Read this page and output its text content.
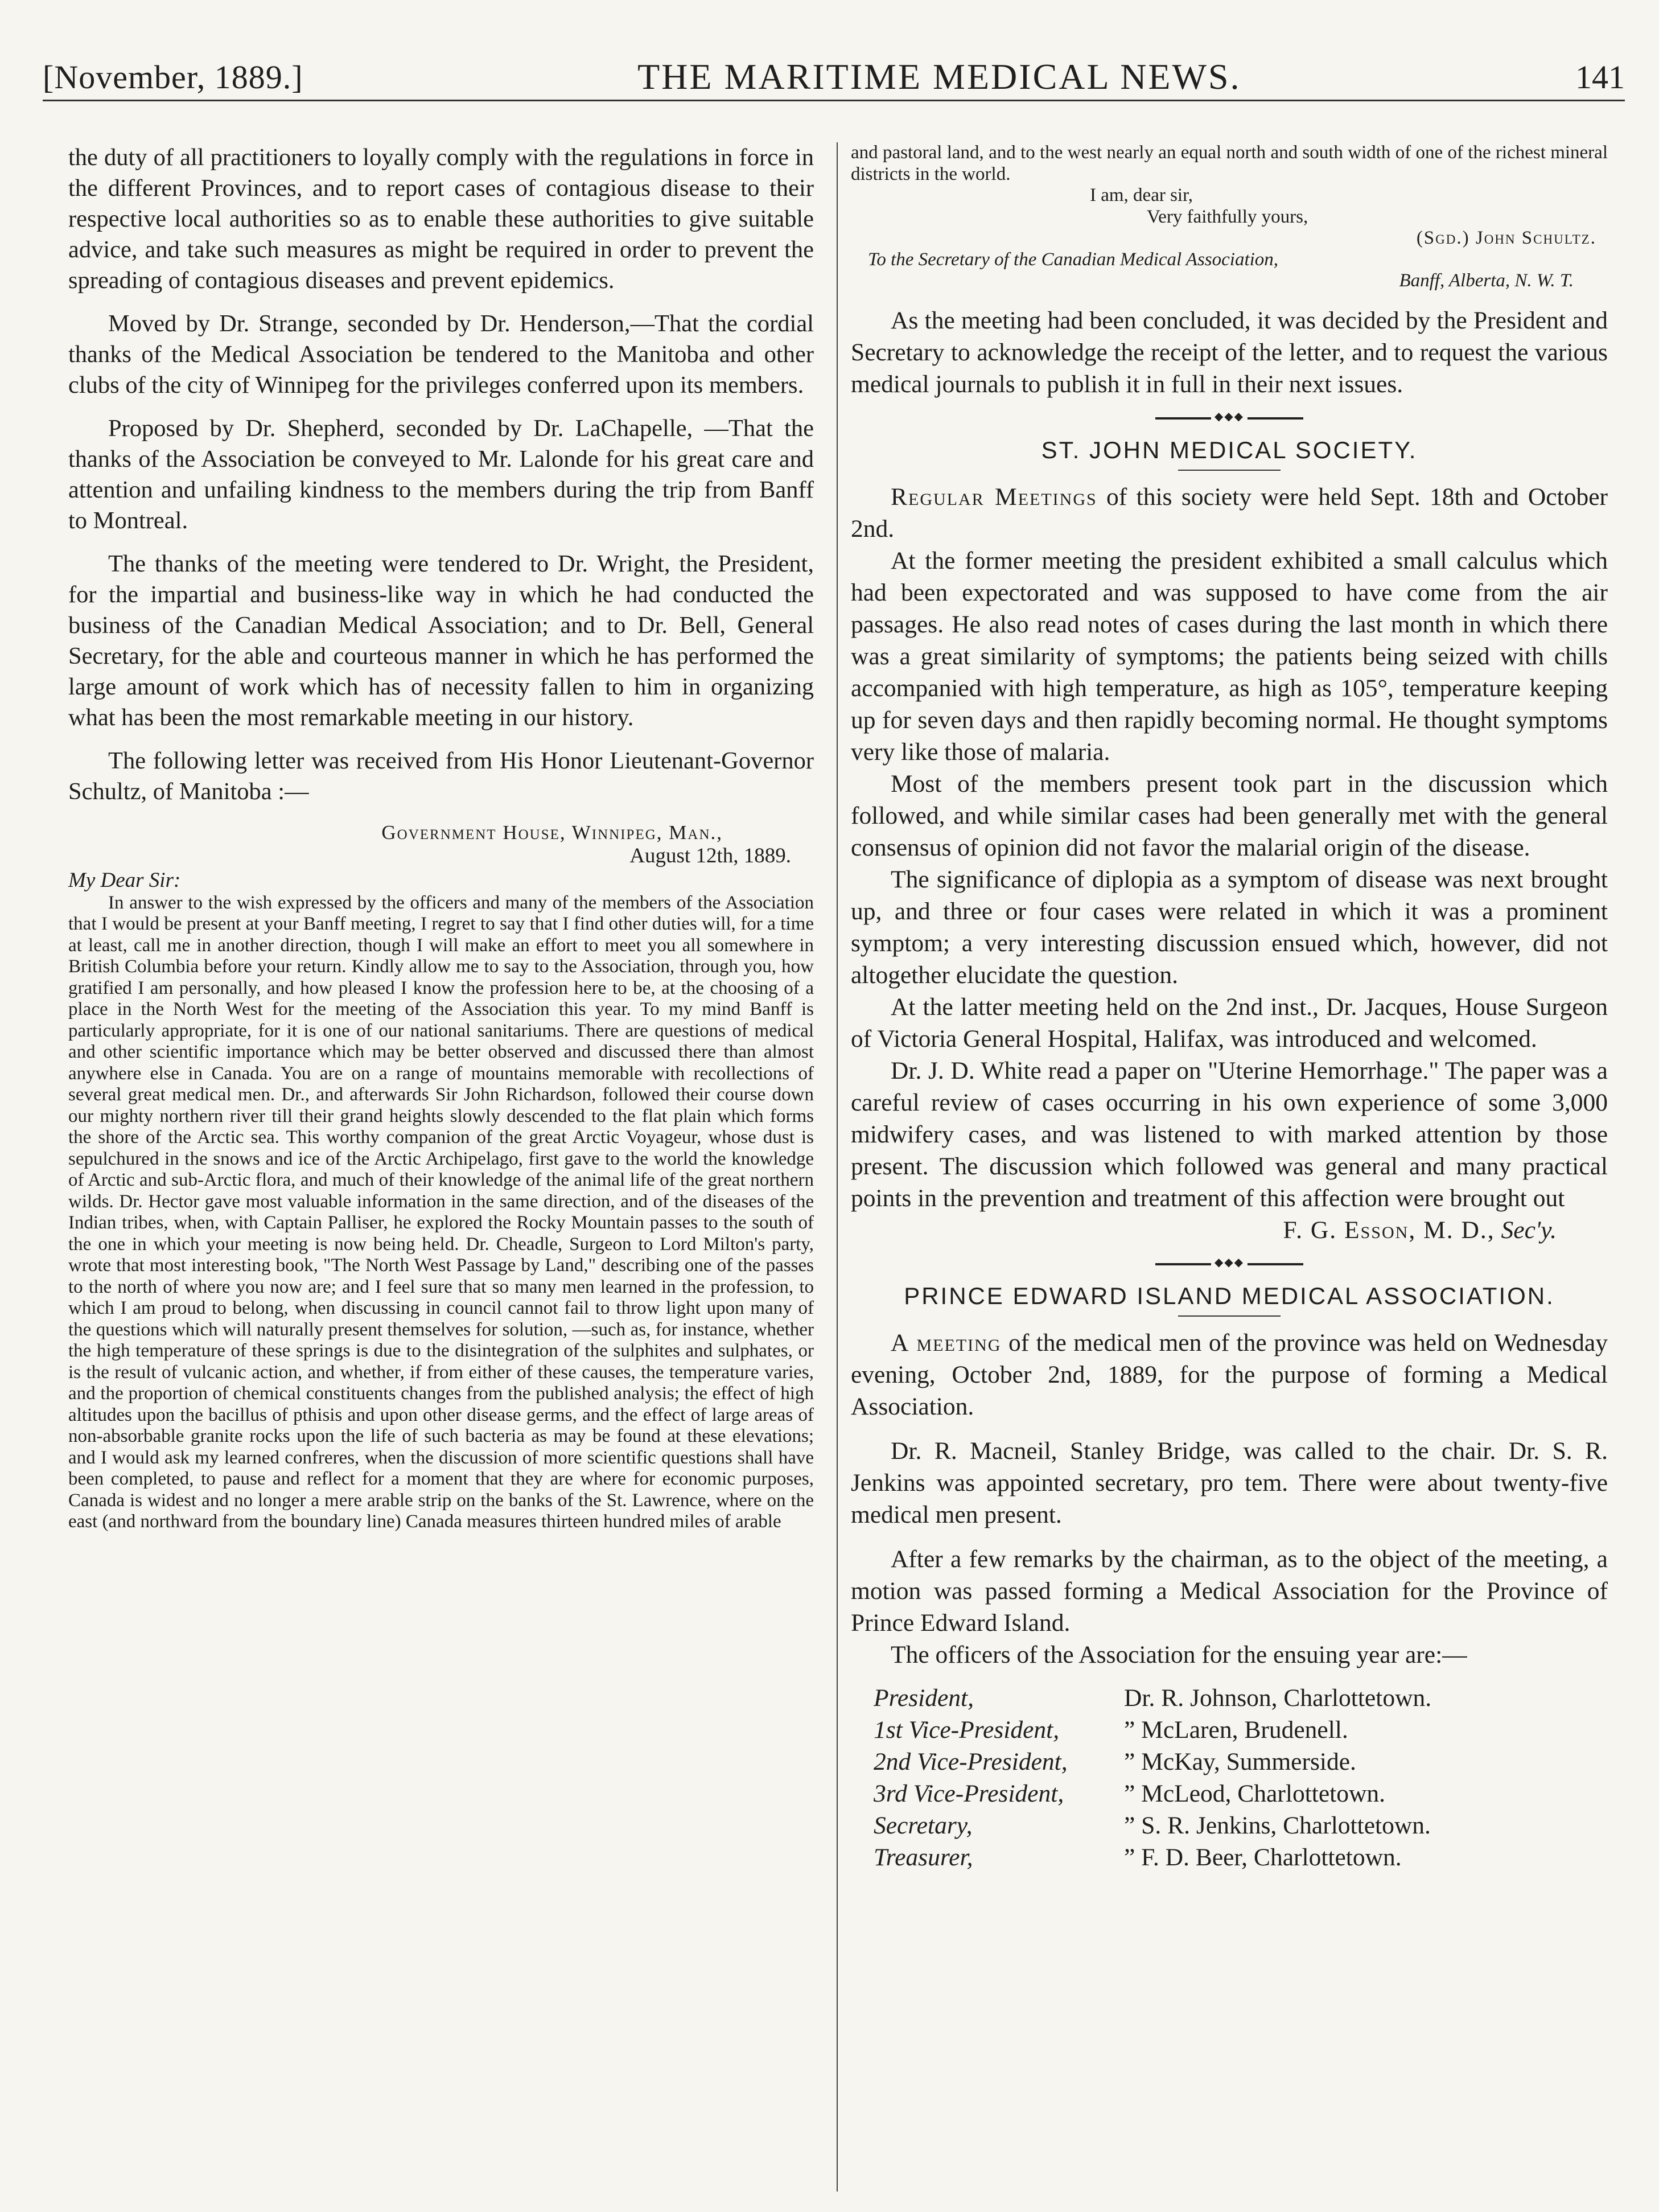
[November, 1889.]	THE MARITIME MEDICAL NEWS.	141

the duty of all practitioners to loyally comply with the regulations in force in the different Provinces, and to report cases of contagious disease to their respective local authorities so as to enable these authorities to give suitable advice, and take such measures as might be required in order to prevent the spreading of contagious diseases and prevent epidemics.

Moved by Dr. Strange, seconded by Dr. Henderson,—That the cordial thanks of the Medical Association be tendered to the Manitoba and other clubs of the city of Winnipeg for the privileges conferred upon its members.

Proposed by Dr. Shepherd, seconded by Dr. LaChapelle, —That the thanks of the Association be conveyed to Mr. Lalonde for his great care and attention and unfailing kindness to the members during the trip from Banff to Montreal.

The thanks of the meeting were tendered to Dr. Wright, the President, for the impartial and business-like way in which he had conducted the business of the Canadian Medical Association; and to Dr. Bell, General Secretary, for the able and courteous manner in which he has performed the large amount of work which has of necessity fallen to him in organizing what has been the most remarkable meeting in our history.

The following letter was received from His Honor Lieutenant-Governor Schultz, of Manitoba :—

Government House, Winnipeg, Man.,

August 12th, 1889.

My Dear Sir:

In answer to the wish expressed by the officers and many of the members of the Association that I would be present at your Banff meeting, I regret to say that I find other duties will, for a time at least, call me in another direction, though I will make an effort to meet you all somewhere in British Columbia before your return. Kindly allow me to say to the Association, through you, how gratified I am personally, and how pleased I know the profession here to be, at the choosing of a place in the North West for the meeting of the Association this year. To my mind Banff is particularly appropriate, for it is one of our national sanitariums. There are questions of medical and other scientific importance which may be better observed and discussed there than almost anywhere else in Canada. You are on a range of mountains memorable with recollections of several great medical men. Dr., and afterwards Sir John Richardson, followed their course down our mighty northern river till their grand heights slowly descended to the flat plain which forms the shore of the Arctic sea. This worthy companion of the great Arctic Voyageur, whose dust is sepulchured in the snows and ice of the Arctic Archipelago, first gave to the world the knowledge of Arctic and sub-Arctic flora, and much of their knowledge of the animal life of the great northern wilds. Dr. Hector gave most valuable information in the same direction, and of the diseases of the Indian tribes, when, with Captain Palliser, he explored the Rocky Mountain passes to the south of the one in which your meeting is now being held. Dr. Cheadle, Surgeon to Lord Milton's party, wrote that most interesting book, "The North West Passage by Land," describing one of the passes to the north of where you now are; and I feel sure that so many men learned in the profession, to which I am proud to belong, when discussing in council cannot fail to throw light upon many of the questions which will naturally present themselves for solution, —such as, for instance, whether the high temperature of these springs is due to the disintegration of the sulphites and sulphates, or is the result of vulcanic action, and whether, if from either of these causes, the temperature varies, and the proportion of chemical constituents changes from the published analysis; the effect of high altitudes upon the bacillus of pthisis and upon other disease germs, and the effect of large areas of non-absorbable granite rocks upon the life of such bacteria as may be found at these elevations; and I would ask my learned confreres, when the discussion of more scientific questions shall have been completed, to pause and reflect for a moment that they are where for economic purposes, Canada is widest and no longer a mere arable strip on the banks of the St. Lawrence, where on the east (and northward from the boundary line) Canada measures thirteen hundred miles of arable

and pastoral land, and to the west nearly an equal north and south width of one of the richest mineral districts in the world.

I am, dear sir,

Very faithfully yours,

(Sgd.) John Schultz.

To the Secretary of the Canadian Medical Association,

Banff, Alberta, N. W. T.

As the meeting had been concluded, it was decided by the President and Secretary to acknowledge the receipt of the letter, and to request the various medical journals to publish it in full in their next issues.

◆◆◆
ST. JOHN MEDICAL SOCIETY.

Regular Meetings of this society were held Sept. 18th and October 2nd.

At the former meeting the president exhibited a small calculus which had been expectorated and was supposed to have come from the air passages. He also read notes of cases during the last month in which there was a great similarity of symptoms; the patients being seized with chills accompanied with high temperature, as high as 105°, temperature keeping up for seven days and then rapidly becoming normal. He thought symptoms very like those of malaria.

Most of the members present took part in the discussion which followed, and while similar cases had been generally met with the general consensus of opinion did not favor the malarial origin of the disease.

The significance of diplopia as a symptom of disease was next brought up, and three or four cases were related in which it was a prominent symptom; a very interesting discussion ensued which, however, did not altogether elucidate the question.

At the latter meeting held on the 2nd inst., Dr. Jacques, House Surgeon of Victoria General Hospital, Halifax, was introduced and welcomed.

Dr. J. D. White read a paper on "Uterine Hemorrhage." The paper was a careful review of cases occurring in his own experience of some 3,000 midwifery cases, and was listened to with marked attention by those present. The discussion which followed was general and many practical points in the prevention and treatment of this affection were brought out

F. G. Esson, M. D., Sec'y.

◆◆◆
PRINCE EDWARD ISLAND MEDICAL ASSOCIATION.

A meeting of the medical men of the province was held on Wednesday evening, October 2nd, 1889, for the purpose of forming a Medical Association.

Dr. R. Macneil, Stanley Bridge, was called to the chair. Dr. S. R. Jenkins was appointed secretary, pro tem. There were about twenty-five medical men present.

After a few remarks by the chairman, as to the object of the meeting, a motion was passed forming a Medical Association for the Province of Prince Edward Island.

The officers of the Association for the ensuing year are:—

President,	Dr. R. Johnson, Charlottetown.
1st Vice-President,	” McLaren, Brudenell.
2nd Vice-President,	” McKay, Summerside.
3rd Vice-President,	” McLeod, Charlottetown.
Secretary,	” S. R. Jenkins, Charlottetown.
Treasurer,	” F. D. Beer, Charlottetown.
